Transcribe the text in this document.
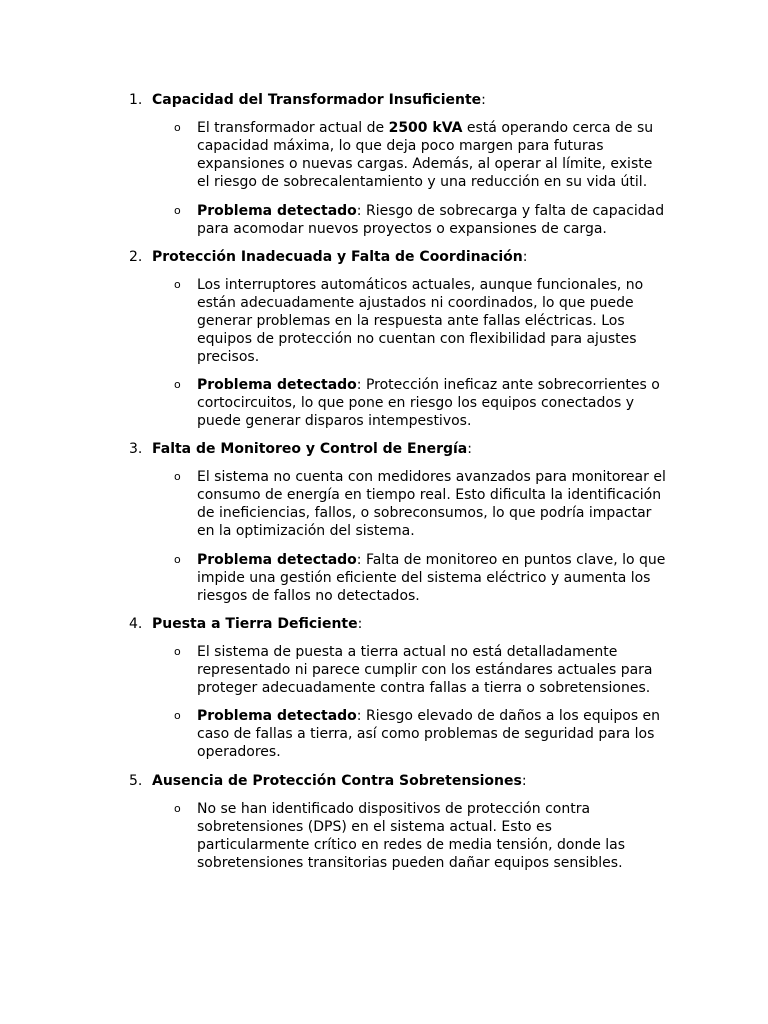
1. Capacidad del Transformador Insuficiente:
o El transformador actual de 2500 kVA está operando cerca de su capacidad máxima, lo que deja poco margen para futuras expansiones o nuevas cargas. Además, al operar al límite, existe el riesgo de sobrecalentamiento y una reducción en su vida útil.
o Problema detectado: Riesgo de sobrecarga y falta de capacidad para acomodar nuevos proyectos o expansiones de carga.
2. Protección Inadecuada y Falta de Coordinación:
o Los interruptores automáticos actuales, aunque funcionales, no están adecuadamente ajustados ni coordinados, lo que puede generar problemas en la respuesta ante fallas eléctricas. Los equipos de protección no cuentan con flexibilidad para ajustes precisos.
o Problema detectado: Protección ineficaz ante sobrecorrientes o cortocircuitos, lo que pone en riesgo los equipos conectados y puede generar disparos intempestivos.
3. Falta de Monitoreo y Control de Energía:
o El sistema no cuenta con medidores avanzados para monitorear el consumo de energía en tiempo real. Esto dificulta la identificación de ineficiencias, fallos, o sobreconsumos, lo que podría impactar en la optimización del sistema.
o Problema detectado: Falta de monitoreo en puntos clave, lo que impide una gestión eficiente del sistema eléctrico y aumenta los riesgos de fallos no detectados.
4. Puesta a Tierra Deficiente:
o El sistema de puesta a tierra actual no está detalladamente representado ni parece cumplir con los estándares actuales para proteger adecuadamente contra fallas a tierra o sobretensiones.
o Problema detectado: Riesgo elevado de daños a los equipos en caso de fallas a tierra, así como problemas de seguridad para los operadores.
5. Ausencia de Protección Contra Sobretensiones:
o No se han identificado dispositivos de protección contra sobretensiones (DPS) en el sistema actual. Esto es particularmente crítico en redes de media tensión, donde las sobretensiones transitorias pueden dañar equipos sensibles.
